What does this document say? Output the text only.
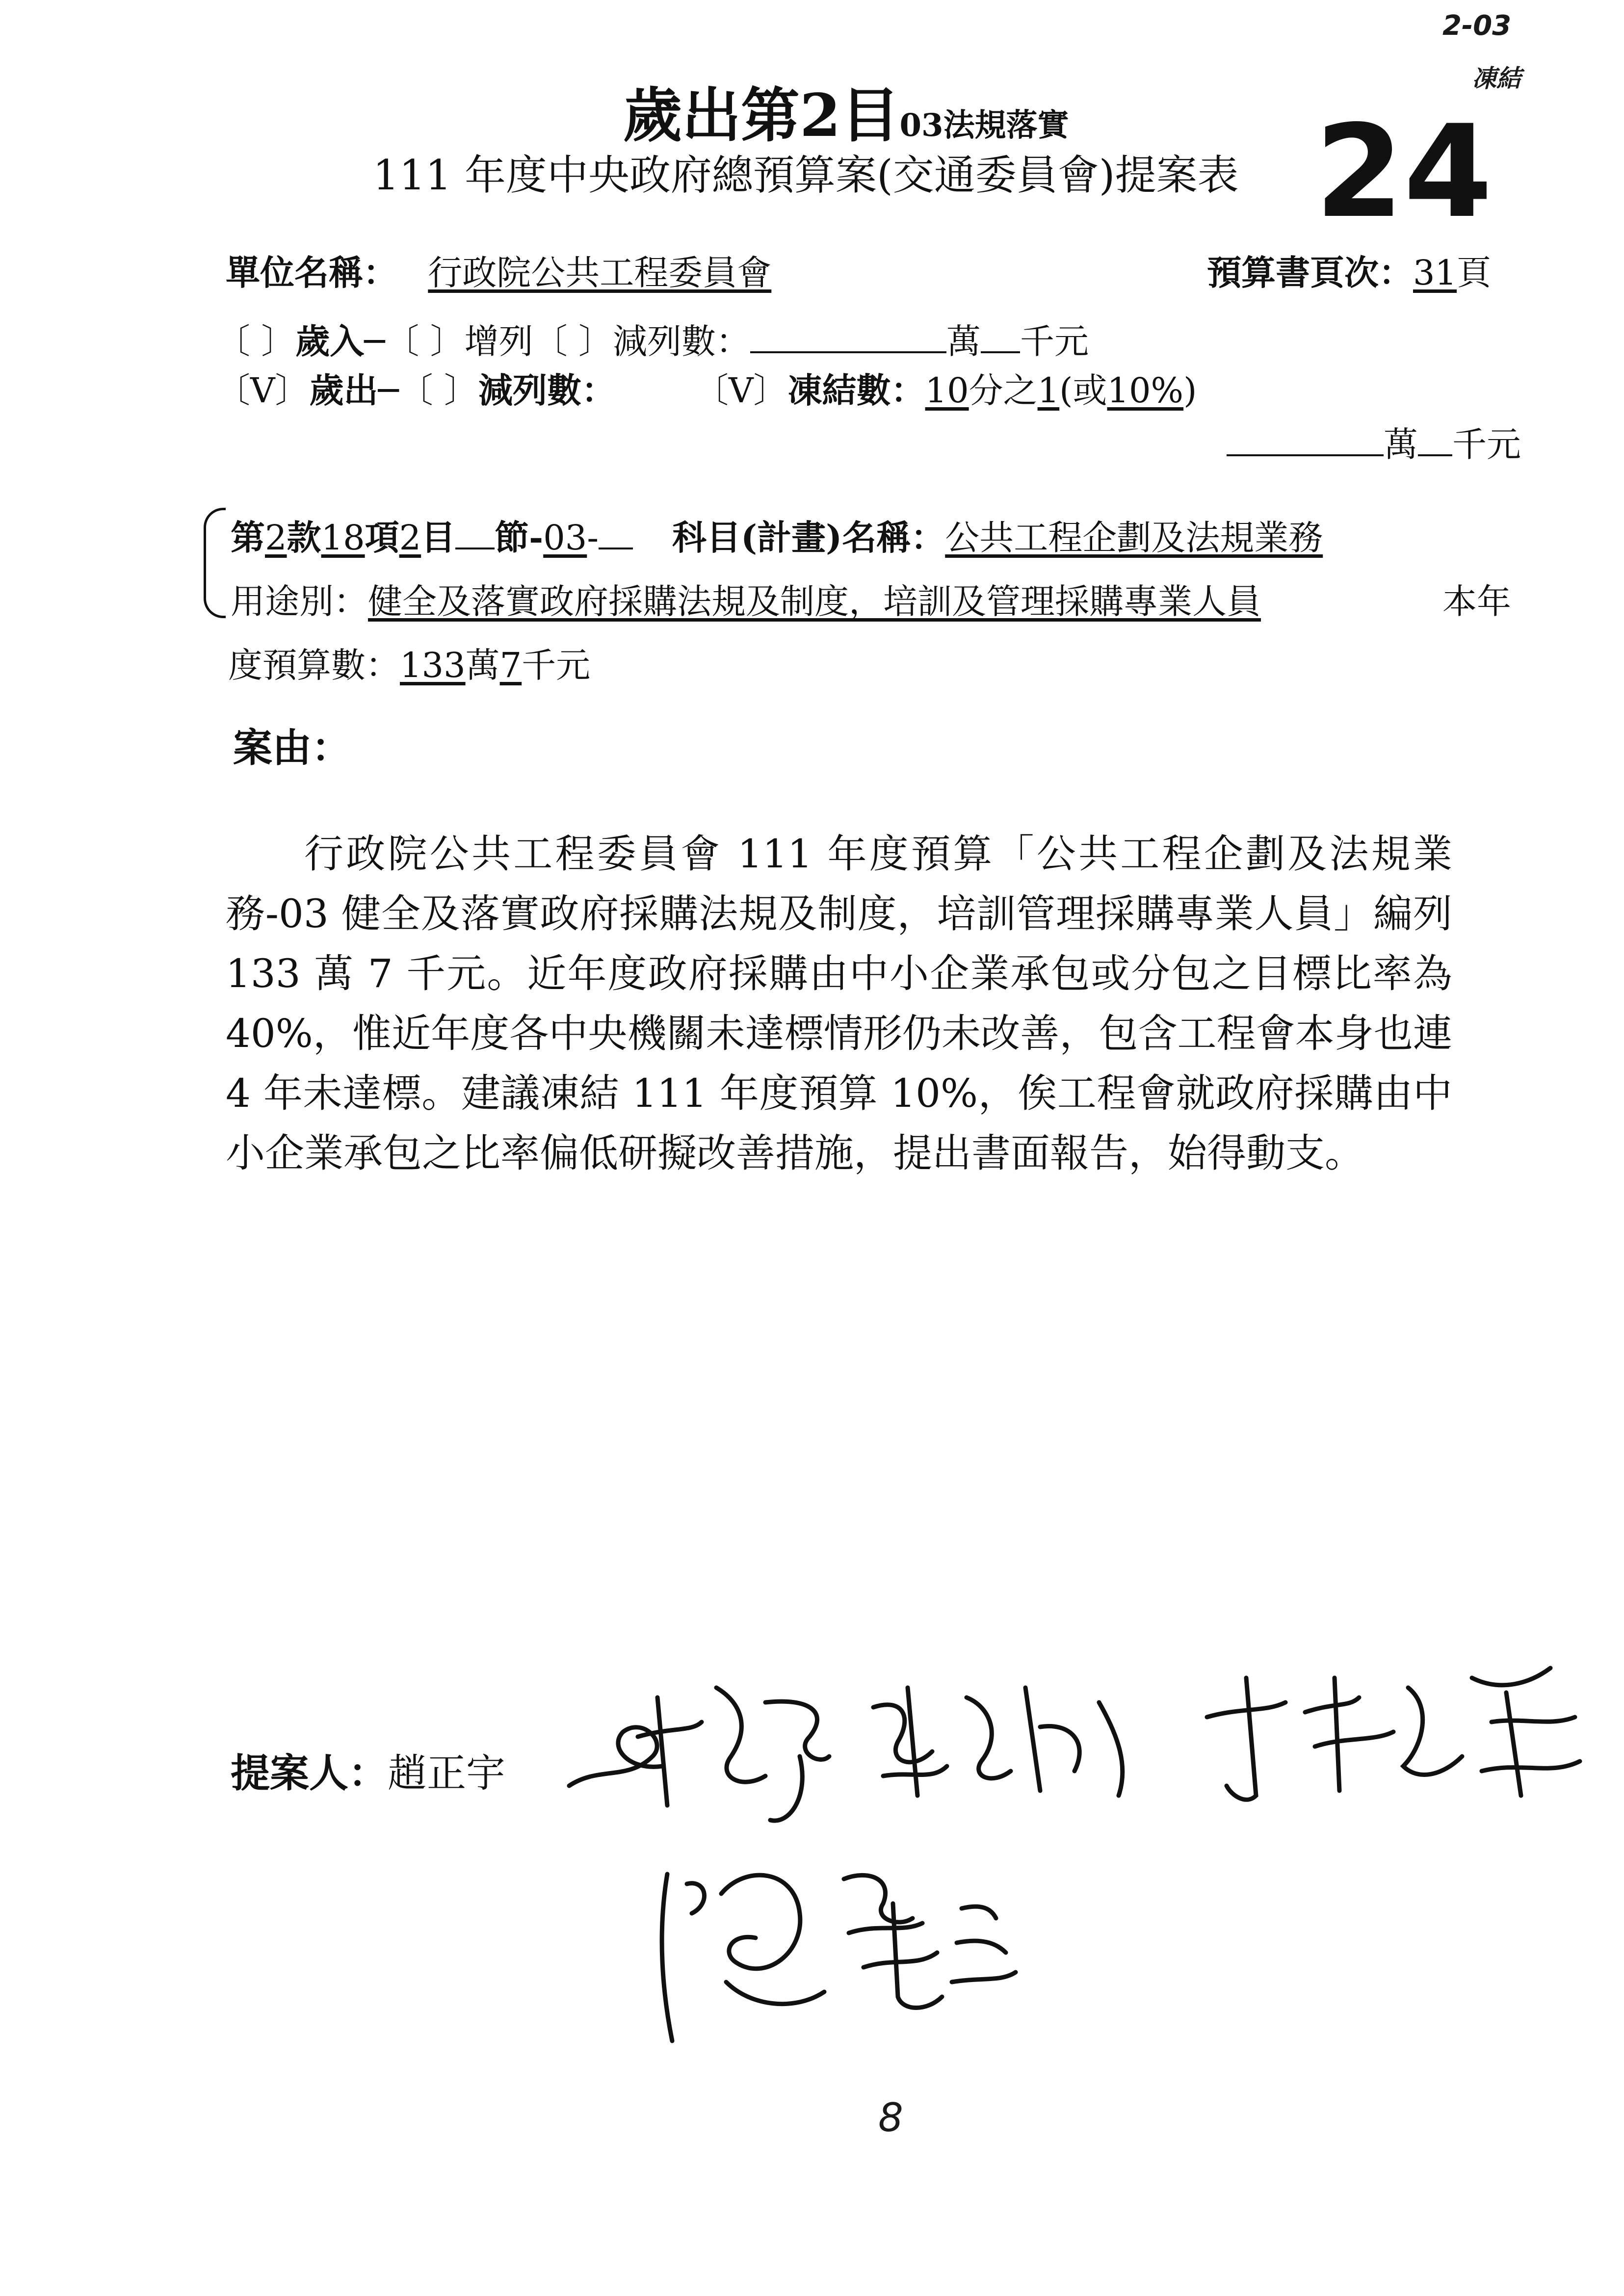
2-03
凍結
歲出第2目03法規落實
111 年度中央政府總預算案(交通委員會)提案表 24
單位名稱： 行政院公共工程委員會	預算書頁次：31頁
〔 〕歲入─〔 〕增列〔 〕減列數：	萬 千元
〔V〕歲出─〔 〕減列數： 〔V〕凍結數：10分之1(或10%)
萬 千元
第2款18項2目 節-03- 科目(計畫)名稱：公共工程企劃及法規業務
用途別：健全及落實政府採購法規及制度，培訓及管理採購專業人員	本年
度預算數：133萬7千元
案由：
行政院公共工程委員會 111 年度預算「公共工程企劃及法規業務-03 健全及落實政府採購法規及制度，培訓管理採購專業人員」編列 133 萬 7 千元。近年度政府採購由中小企業承包或分包之目標比率為 40%，惟近年度各中央機關未達標情形仍未改善，包含工程會本身也連 4 年未達標。建議凍結 111 年度預算 10%，俟工程會就政府採購由中小企業承包之比率偏低研擬改善措施，提出書面報告，始得動支。
提案人：趙正宇
8
